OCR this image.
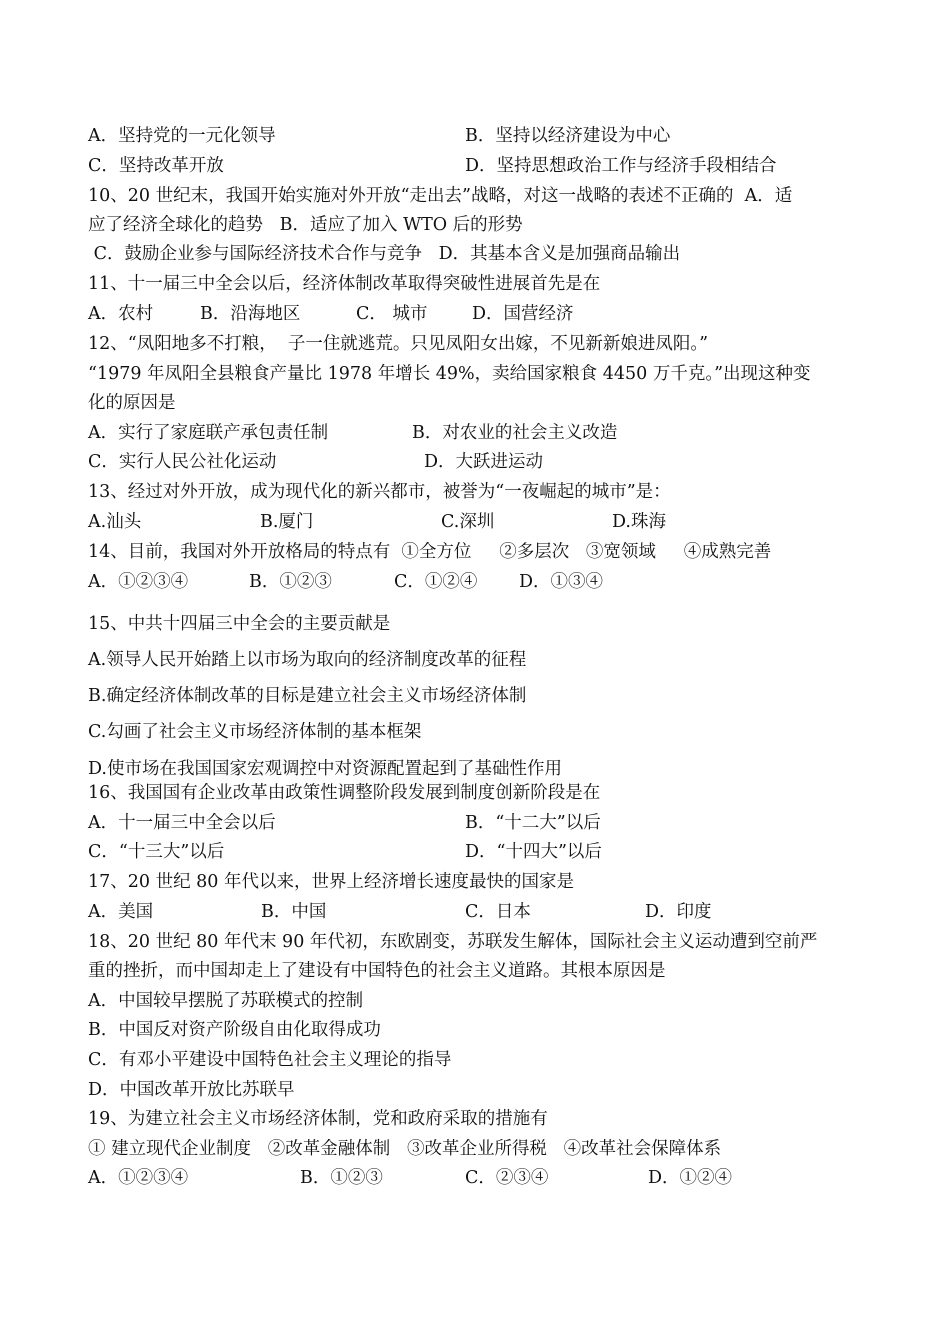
A．坚持党的一元化领导	B．坚持以经济建设为中心
C．坚持改革开放	D．坚持思想政治工作与经济手段相结合
10、20 世纪末，我国开始实施对外开放“走出去”战略，对这一战略的表述不正确的  A．适
应了经济全球化的趋势   B．适应了加入 WTO 后的形势
C．鼓励企业参与国际经济技术合作与竞争   D．其基本含义是加强商品输出
11、十一届三中全会以后，经济体制改革取得突破性进展首先是在
A．农村	B．沿海地区	C． 城市	D．国营经济
12、“凤阳地多不打粮，  子一住就逃荒。只见凤阳女出嫁，不见新新娘进凤阳。”
“1979 年凤阳全县粮食产量比 1978 年增长 49%，卖给国家粮食 4450 万千克。”出现这种变
化的原因是
A．实行了家庭联产承包责任制	B．对农业的社会主义改造
C．实行人民公社化运动	D．大跃进运动
13、经过对外开放，成为现代化的新兴都市，被誉为“一夜崛起的城市”是：
A.汕头	B.厦门	C.深圳	D.珠海
14、目前，我国对外开放格局的特点有  ①全方位     ②多层次   ③宽领域     ④成熟完善
A．①②③④	B．①②③	C．①②④ D．①③④
15、中共十四届三中全会的主要贡献是
A.领导人民开始踏上以市场为取向的经济制度改革的征程
B.确定经济体制改革的目标是建立社会主义市场经济体制
C.勾画了社会主义市场经济体制的基本框架
D.使市场在我国国家宏观调控中对资源配置起到了基础性作用
16、我国国有企业改革由政策性调整阶段发展到制度创新阶段是在
A．十一届三中全会以后	B．“十二大”以后
C．“十三大”以后	D．“十四大”以后
17、20 世纪 80 年代以来，世界上经济增长速度最快的国家是
A．美国	B．中国	C．日本	D．印度
18、20 世纪 80 年代末 90 年代初，东欧剧变，苏联发生解体，国际社会主义运动遭到空前严
重的挫折，而中国却走上了建设有中国特色的社会主义道路。其根本原因是
A．中国较早摆脱了苏联模式的控制
B．中国反对资产阶级自由化取得成功
C．有邓小平建设中国特色社会主义理论的指导
D．中国改革开放比苏联早
19、为建立社会主义市场经济体制，党和政府采取的措施有
① 建立现代企业制度   ②改革金融体制   ③改革企业所得税   ④改革社会保障体系
A．①②③④	B．①②③	C．②③④	D．①②④
